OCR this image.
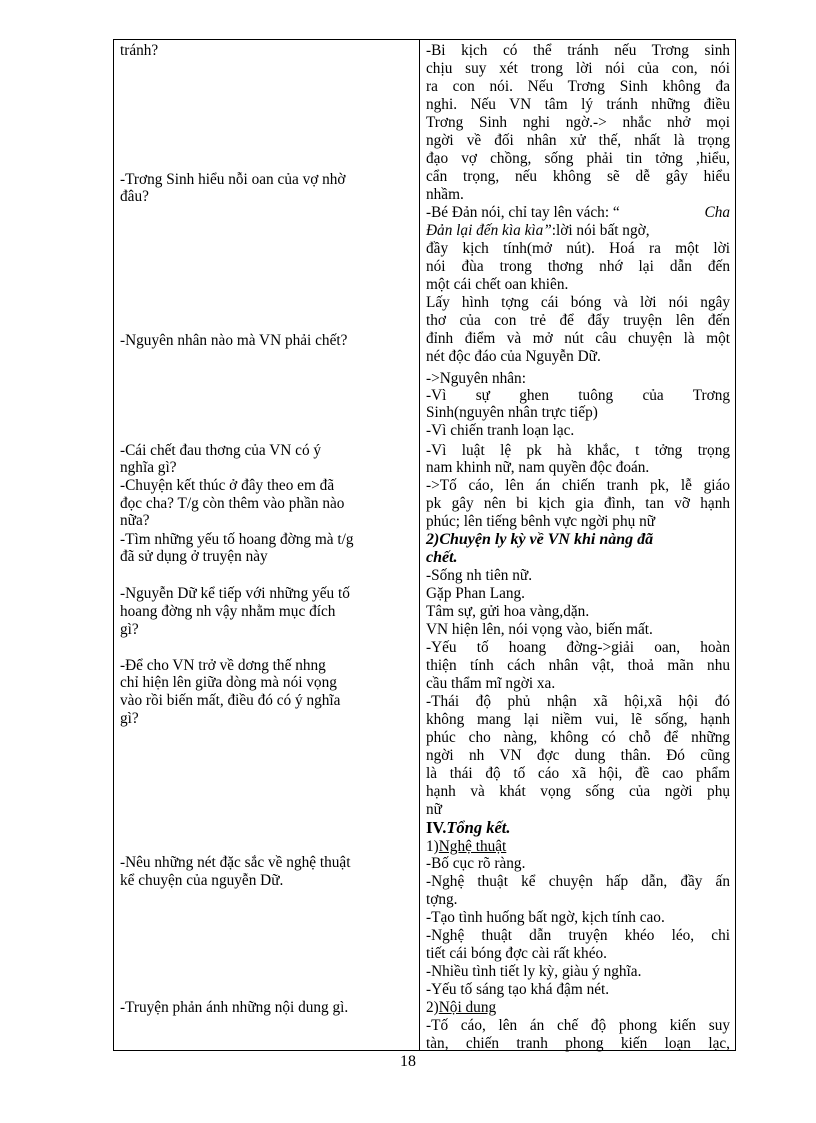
tránh?

-Trơng Sinh hiểu nỗi oan của vợ nhờ

đâu?

-Nguyên nhân nào mà VN phải chết?

-Cái chết đau thơng của VN có ý

nghĩa gì?

-Chuyện kết thúc ở đây theo em đã

đọc cha? T/g còn thêm vào phần nào

nữa?

-Tìm những yếu tố hoang đờng mà t/g

đã sử dụng ở truyện này

-Nguyễn Dữ kể tiếp với những yếu tố

hoang đờng nh vậy nhằm mục đích

gì?

-Để cho VN trở về dơng thế nhng

chỉ hiện lên giữa dòng mà nói vọng

vào rồi biến mất, điều đó có ý nghĩa

gì?

-Nêu những nét đặc sắc về nghệ thuật

kể chuyện của nguyễn Dữ.

-Truyện phản ánh những nội dung gì.

-Bi kịch có thể tránh nếu Trơng sinh

chịu suy xét trong lời nói của con, nói

ra con nói. Nếu Trơng Sinh không đa

nghi. Nếu VN tâm lý tránh những điều

Trơng Sinh nghi ngờ.-> nhắc nhở mọi

ngời về đối nhân xử thế, nhất là trọng

đạo vợ chồng, sống phải tin tởng ,hiểu,

cẩn trọng, nếu không sẽ dễ gây hiểu

nhầm.

-Bé Đản nói, chỉ tay lên vách: “	Cha

Đản lại đến kìa kìa”:lời nói bất ngờ,

đầy kịch tính(mở nút). Hoá ra một lời

nói đùa trong thơng nhớ lại dẫn đến

một cái chết oan khiên.

Lấy hình tợng cái bóng và lời nói ngây

thơ của con trẻ để đẩy truyện lên đến

đỉnh điểm và mở nút câu chuyện là một

nét độc đáo của Nguyễn Dữ.

->Nguyên nhân:

-Vì sự ghen tuông của Trơng

Sinh(nguyên nhân trực tiếp)

-Vì chiến tranh loạn lạc.

-Vì luật lệ pk hà khắc, t tởng trọng

nam khinh nữ, nam quyền độc đoán.

->Tố cáo, lên án chiến tranh pk, lễ giáo

pk gây nên bi kịch gia đình, tan vỡ hạnh

phúc; lên tiếng bênh vực ngời phụ nữ

2)Chuyện ly kỳ về VN khi nàng đã

chết.

-Sống nh tiên nữ.

Gặp Phan Lang.

Tâm sự, gửi hoa vàng,dặn.

VN hiện lên, nói vọng vào, biến mất.

-Yếu tố hoang đờng->giải oan, hoàn

thiện tính cách nhân vật, thoả mãn nhu

cầu thẩm mĩ ngời xa.

-Thái độ phủ nhận xã hội,xã hội đó

không mang lại niềm vui, lẽ sống, hạnh

phúc cho nàng, không có chỗ để những

ngời nh VN đợc dung thân. Đó cũng

là thái độ tố cáo xã hội, đề cao phẩm

hạnh và khát vọng sống của ngời phụ

nữ

IV.Tổng kết.

1)Nghệ thuật

-Bố cục rõ ràng.

-Nghệ thuật kể chuyện hấp dẫn, đầy ấn

tợng.

-Tạo tình huống bất ngờ, kịch tính cao.

-Nghệ thuật dẫn truyện khéo léo, chi

tiết cái bóng đợc cài rất khéo.

-Nhiều tình tiết ly kỳ, giàu ý nghĩa.

-Yếu tố sáng tạo khá đậm nét.

2)Nội dung

-Tố cáo, lên án chế độ phong kiến suy

tàn, chiến tranh phong kiến loạn lạc,

18
